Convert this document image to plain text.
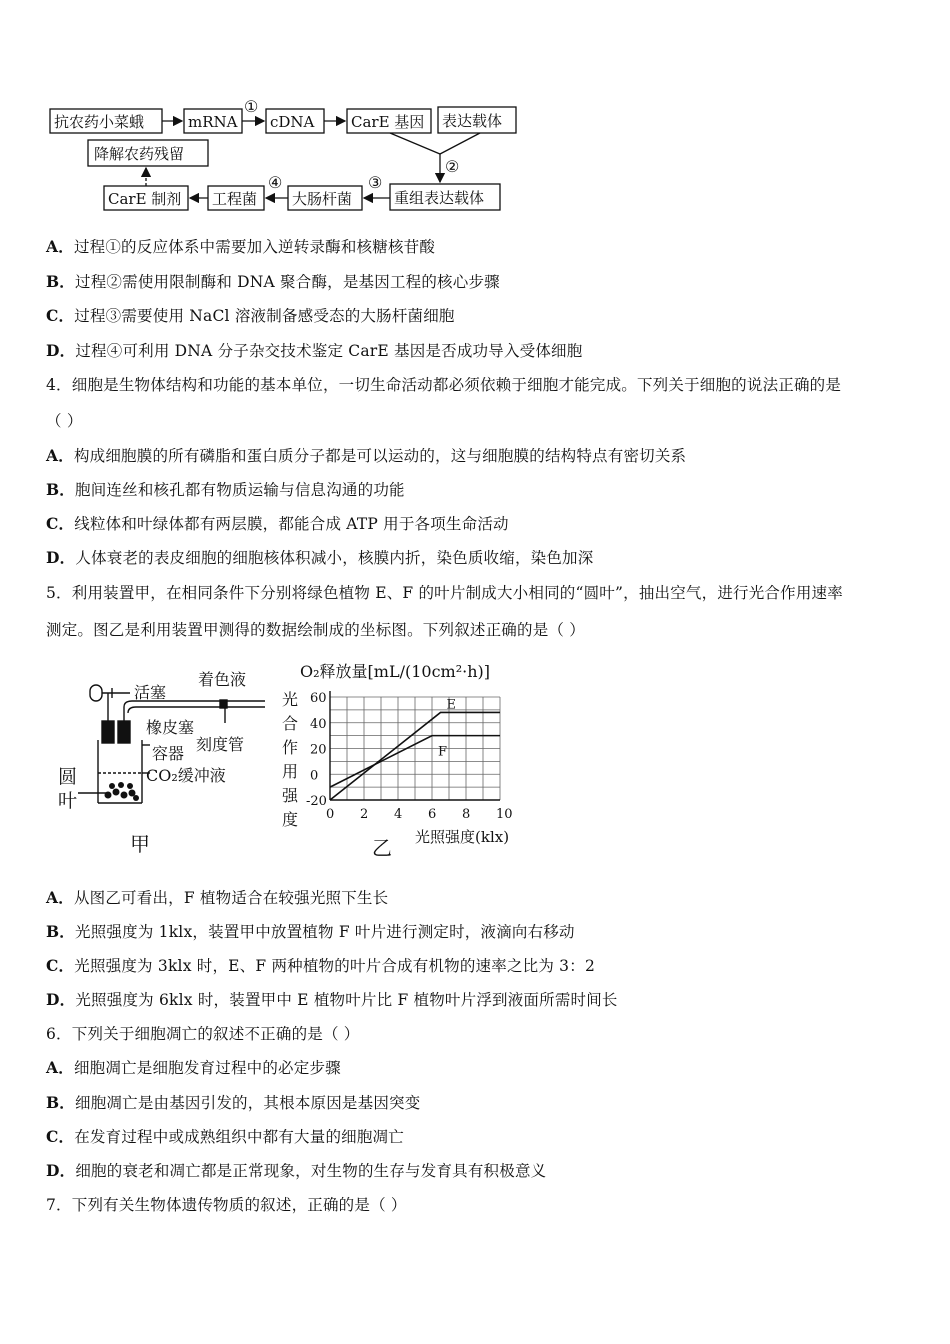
抗农药小菜蛾	mRNA cDNA CarE 基因 表达载体
重组表达载体
大肠杆菌
工程菌
CarE 制剂
降解农药残留
①
②
③
④
A．过程①的反应体系中需要加入逆转录酶和核糖核苷酸
B．过程②需使用限制酶和 DNA 聚合酶，是基因工程的核心步骤
C．过程③需要使用 NaCl 溶液制备感受态的大肠杆菌细胞
D．过程④可利用 DNA 分子杂交技术鉴定 CarE 基因是否成功导入受体细胞
4．细胞是生物体结构和功能的基本单位，一切生命活动都必须依赖于细胞才能完成。下列关于细胞的说法正确的是
（ ）
A．构成细胞膜的所有磷脂和蛋白质分子都是可以运动的，这与细胞膜的结构特点有密切关系
B．胞间连丝和核孔都有物质运输与信息沟通的功能
C．线粒体和叶绿体都有两层膜，都能合成 ATP 用于各项生命活动
D．人体衰老的表皮细胞的细胞核体积减小，核膜内折，染色质收缩，染色加深
5．利用装置甲，在相同条件下分别将绿色植物 E、F 的叶片制成大小相同的“圆叶”，抽出空气，进行光合作用速率
测定。图乙是利用装置甲测得的数据绘制成的坐标图。下列叙述正确的是（ ）
活塞
着色液
橡皮塞
容器 刻度管
CO₂缓冲液
圆
叶
甲
O₂释放量[mL/(10cm²·h)]
光
合
作
用
强
度 0 2 4 6 8 10
-20
0
20
40
60	E
F
光照强度(klx)
乙
A．从图乙可看出，F 植物适合在较强光照下生长
B．光照强度为 1klx，装置甲中放置植物 F 叶片进行测定时，液滴向右移动
C．光照强度为 3klx 时，E、F 两种植物的叶片合成有机物的速率之比为 3：2
D．光照强度为 6klx 时，装置甲中 E 植物叶片比 F 植物叶片浮到液面所需时间长
6．下列关于细胞凋亡的叙述不正确的是（ ）
A．细胞凋亡是细胞发育过程中的必定步骤
B．细胞凋亡是由基因引发的，其根本原因是基因突变
C．在发育过程中或成熟组织中都有大量的细胞凋亡
D．细胞的衰老和凋亡都是正常现象，对生物的生存与发育具有积极意义
7．下列有关生物体遗传物质的叙述，正确的是（ ）
